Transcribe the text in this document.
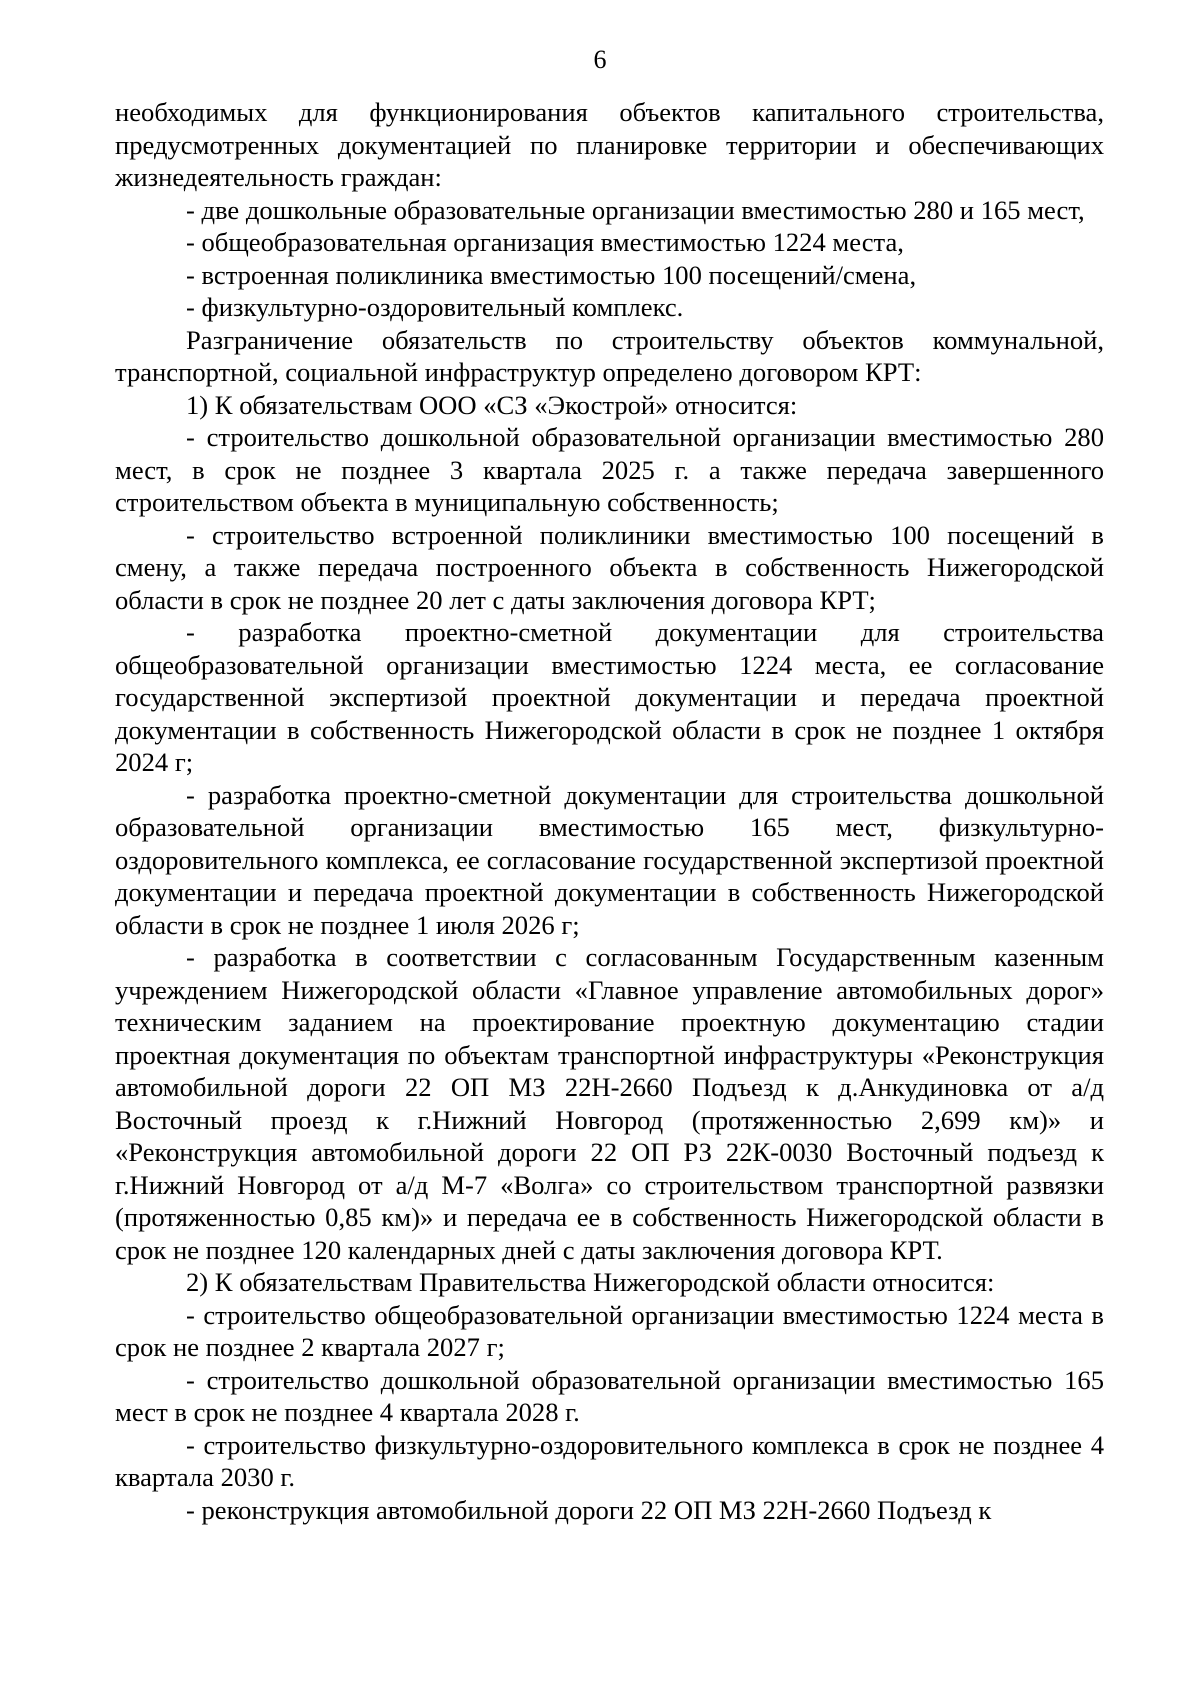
6

необходимых для функционирования объектов капитального строительства, предусмотренных документацией по планировке территории и обеспечивающих жизнедеятельность граждан:

- две дошкольные образовательные организации вместимостью 280 и 165 мест,

- общеобразовательная организация вместимостью 1224 места,

- встроенная поликлиника вместимостью 100 посещений/смена,

- физкультурно-оздоровительный комплекс.

Разграничение обязательств по строительству объектов коммунальной, транспортной, социальной инфраструктур определено договором КРТ:

1) К обязательствам ООО «СЗ «Экострой» относится:

- строительство дошкольной образовательной организации вместимостью 280 мест, в срок не позднее 3 квартала 2025 г. а также передача завершенного строительством объекта в муниципальную собственность;

- строительство встроенной поликлиники вместимостью 100 посещений в смену, а также передача построенного объекта в собственность Нижегородской области в срок не позднее 20 лет с даты заключения договора КРТ;

- разработка проектно-сметной документации для строительства общеобразовательной организации вместимостью 1224 места, ее согласование государственной экспертизой проектной документации и передача проектной документации в собственность Нижегородской области в срок не позднее 1 октября 2024 г;

- разработка проектно-сметной документации для строительства дошкольной образовательной организации вместимостью 165 мест, физкультурно-оздоровительного комплекса, ее согласование государственной экспертизой проектной документации и передача проектной документации в собственность Нижегородской области в срок не позднее 1 июля 2026 г;

- разработка в соответствии с согласованным Государственным казенным учреждением Нижегородской области «Главное управление автомобильных дорог» техническим заданием на проектирование проектную документацию стадии проектная документация по объектам транспортной инфраструктуры «Реконструкция автомобильной дороги 22 ОП МЗ 22Н-2660 Подъезд к д.Анкудиновка от а/д Восточный проезд к г.Нижний Новгород (протяженностью 2,699 км)» и «Реконструкция автомобильной дороги 22 ОП РЗ 22К-0030 Восточный подъезд к г.Нижний Новгород от а/д М-7 «Волга» со строительством транспортной развязки (протяженностью 0,85 км)» и передача ее в собственность Нижегородской области в срок не позднее 120 календарных дней с даты заключения договора КРТ.

2) К обязательствам Правительства Нижегородской области относится:

- строительство общеобразовательной организации вместимостью 1224 места в срок не позднее 2 квартала 2027 г;

- строительство дошкольной образовательной организации вместимостью 165 мест в срок не позднее 4 квартала 2028 г.

- строительство физкультурно-оздоровительного комплекса в срок не позднее 4 квартала 2030 г.

- реконструкция автомобильной дороги 22 ОП МЗ 22Н-2660 Подъезд к
